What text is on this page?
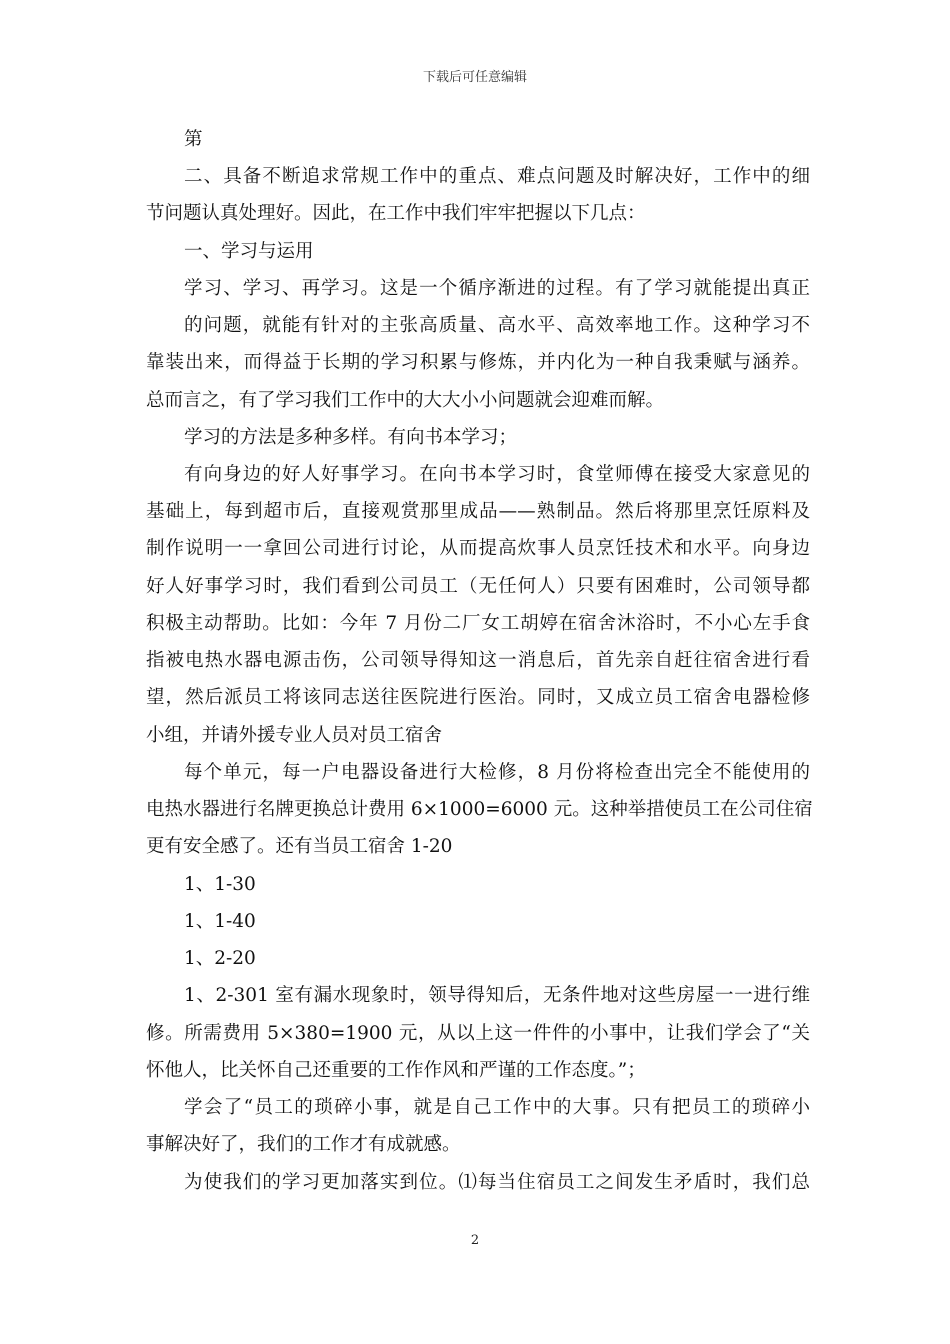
下载后可任意编辑
第
二、具备不断追求常规工作中的重点、难点问题及时解决好，工作中的细
节问题认真处理好。因此，在工作中我们牢牢把握以下几点：
一、学习与运用
学习、学习、再学习。这是一个循序渐进的过程。有了学习就能提出真正
的问题，就能有针对的主张高质量、高水平、高效率地工作。这种学习不
靠装出来，而得益于长期的学习积累与修炼，并内化为一种自我秉赋与涵养。
总而言之，有了学习我们工作中的大大小小问题就会迎难而解。
学习的方法是多种多样。有向书本学习；
有向身边的好人好事学习。在向书本学习时，食堂师傅在接受大家意见的
基础上，每到超市后，直接观赏那里成品——熟制品。然后将那里烹饪原料及
制作说明一一拿回公司进行讨论，从而提高炊事人员烹饪技术和水平。向身边
好人好事学习时，我们看到公司员工（无任何人）只要有困难时，公司领导都
积极主动帮助。比如：今年 7 月份二厂女工胡婷在宿舍沐浴时，不小心左手食
指被电热水器电源击伤，公司领导得知这一消息后，首先亲自赶往宿舍进行看
望，然后派员工将该同志送往医院进行医治。同时，又成立员工宿舍电器检修
小组，并请外援专业人员对员工宿舍
每个单元，每一户电器设备进行大检修，8 月份将检查出完全不能使用的
电热水器进行名牌更换总计费用 6×1000=6000 元。这种举措使员工在公司住宿
更有安全感了。还有当员工宿舍 1-20
1、1-30
1、1-40
1、2-20
1、2-301 室有漏水现象时，领导得知后，无条件地对这些房屋一一进行维
修。所需费用 5×380=1900 元，从以上这一件件的小事中，让我们学会了“关
怀他人，比关怀自己还重要的工作作风和严谨的工作态度。”；
学会了“员工的琐碎小事，就是自己工作中的大事。只有把员工的琐碎小
事解决好了，我们的工作才有成就感。
为使我们的学习更加落实到位。⑴每当住宿员工之间发生矛盾时，我们总
2
